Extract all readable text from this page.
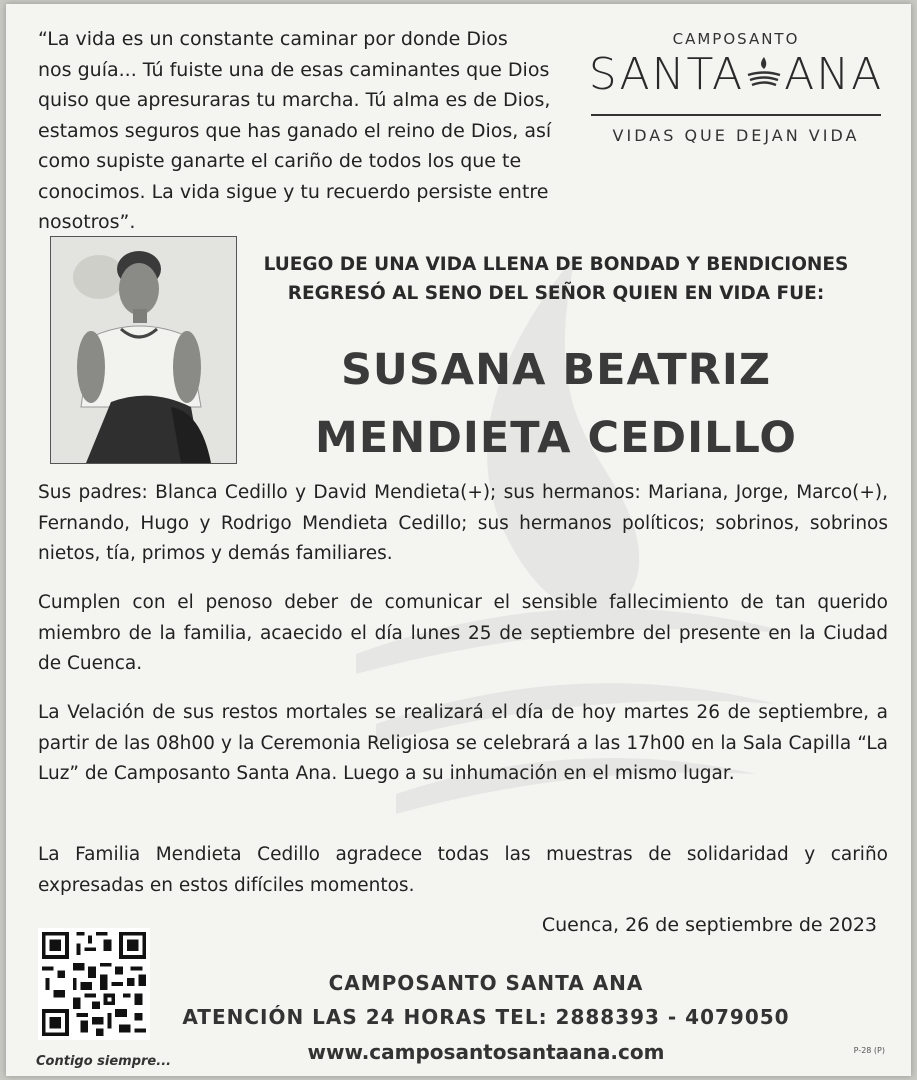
“La vida es un constante caminar por donde Dios
nos guía... Tú fuiste una de esas caminantes que Dios
quiso que apresuraras tu marcha. Tú alma es de Dios,
estamos seguros que has ganado el reino de Dios, así
como supiste ganarte el cariño de todos los que te
conocimos. La vida sigue y tu recuerdo persiste entre
nosotros”.
CAMPOSANTO
SANTA ANA
VIDAS QUE DEJAN VIDA
LUEGO DE UNA VIDA LLENA DE BONDAD Y BENDICIONES
REGRESÓ AL SENO DEL SEÑOR QUIEN EN VIDA FUE:
SUSANA BEATRIZ
MENDIETA CEDILLO
Sus padres: Blanca Cedillo y David Mendieta(+); sus hermanos: Mariana, Jorge, Marco(+), Fernando, Hugo y Rodrigo Mendieta Cedillo; sus hermanos políticos; sobrinos, sobrinos nietos, tía, primos y demás familiares.
Cumplen con el penoso deber de comunicar el sensible fallecimiento de tan querido miembro de la familia, acaecido el día lunes 25 de septiembre del presente en la Ciudad de Cuenca.
La Velación de sus restos mortales se realizará el día de hoy martes 26 de septiembre, a partir de las 08h00 y la Ceremonia Religiosa se celebrará a las 17h00 en la Sala Capilla “La Luz” de Camposanto Santa Ana. Luego a su inhumación en el mismo lugar.
La Familia Mendieta Cedillo agradece todas las muestras de solidaridad y cariño expresadas en estos difíciles momentos.
Cuenca, 26 de septiembre de 2023
Contigo siempre...
CAMPOSANTO SANTA ANA
ATENCIÓN LAS 24 HORAS TEL: 2888393 - 4079050
www.camposantosantaana.com	P-28 (P)
